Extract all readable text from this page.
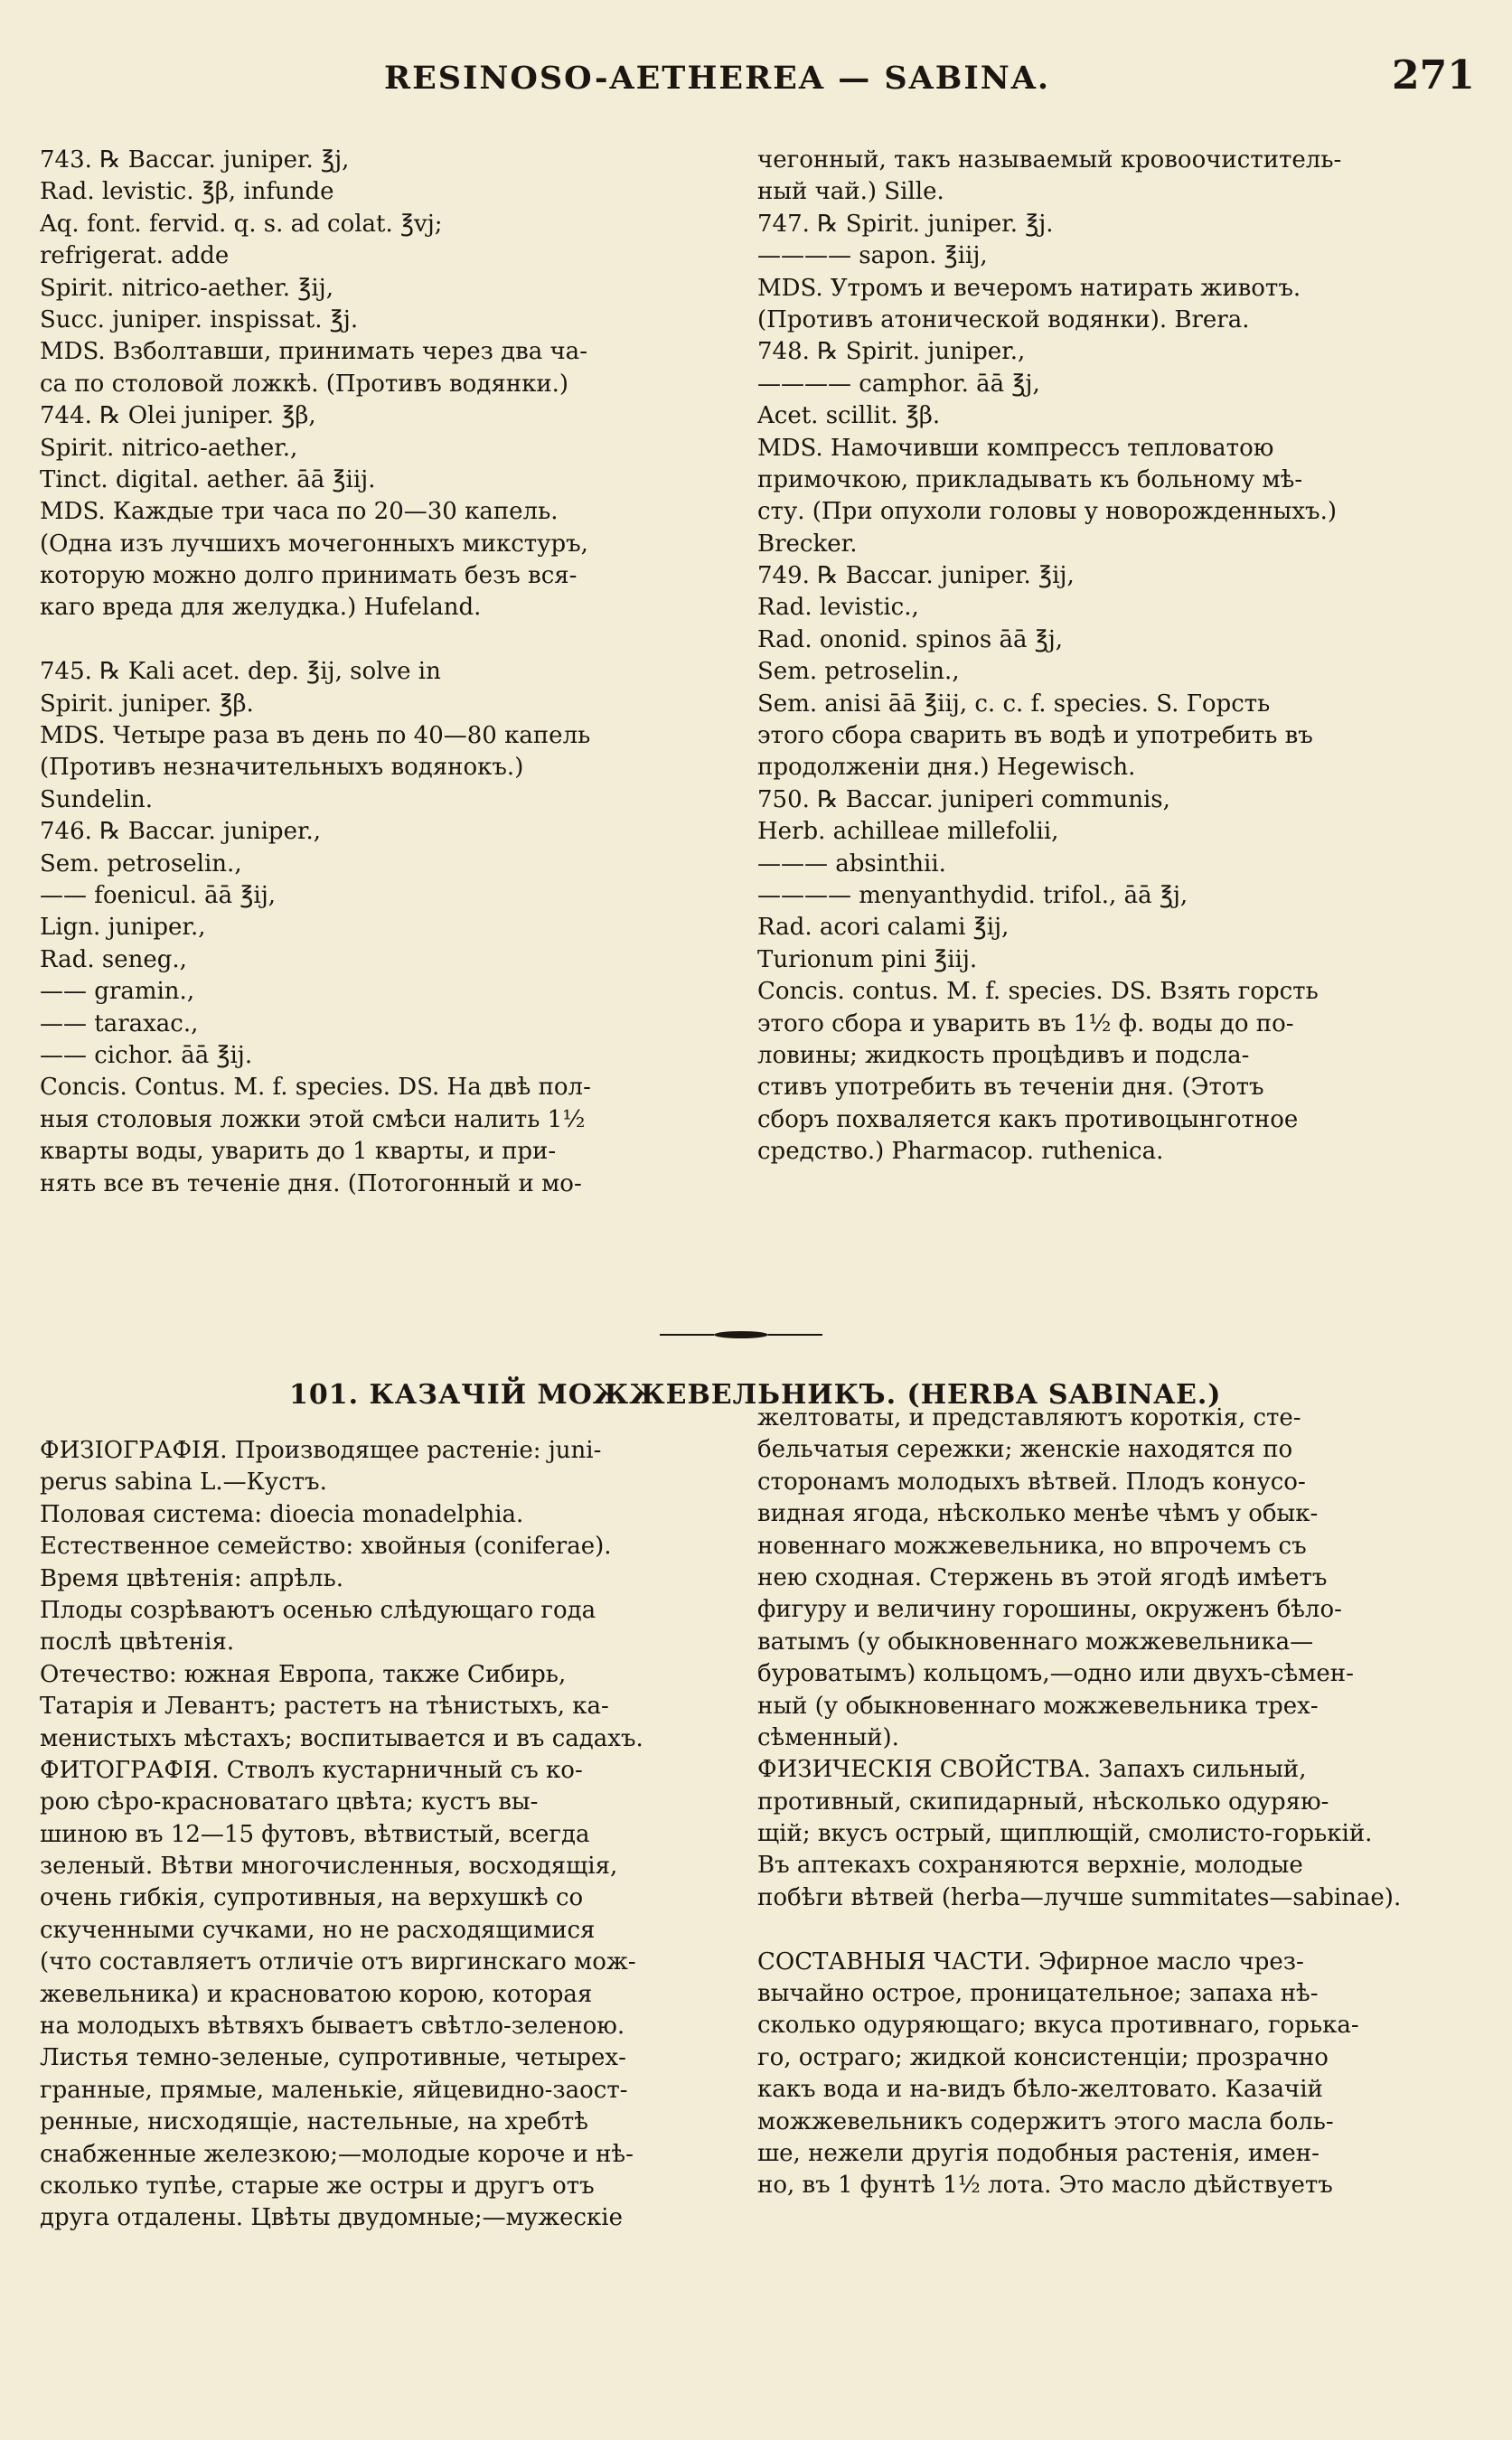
RESINOSO-AETHEREA — SABINA.	271
743. ℞ Baccar. juniper. ℥j,
Rad. levistic. ℥β, infunde
Aq. font. fervid. q. s. ad colat. ℥vj;
refrigerat. adde
Spirit. nitrico-aether. ℥ij,
Succ. juniper. inspissat. ℥j.
MDS. Взболтавши, принимать через два ча-
са по столовой ложкѣ. (Противъ водянки.)
744. ℞ Olei juniper. ℥β,
Spirit. nitrico-aether.,
Tinct. digital. aether. āā ℥iij.
MDS. Каждые три часа по 20—30 капель.
(Одна изъ лучшихъ мочегонныхъ микстуръ,
которую можно долго принимать безъ вся-
каго вреда для желудка.) Hufeland.
745. ℞ Kali acet. dep. ℥ij, solve in
Spirit. juniper. ℥β.
MDS. Четыре раза въ день по 40—80 капель
(Противъ незначительныхъ водянокъ.)
Sundelin.
746. ℞ Baccar. juniper.,
Sem. petroselin.,
—— foenicul. āā ℥ij,
Lign. juniper.,
Rad. seneg.,
—— gramin.,
—— taraxac.,
—— cichor. āā ℥ij.
Concis. Contus. M. f. species. DS. На двѣ пол-
ныя столовыя ложки этой смѣси налить 1½
кварты воды, уварить до 1 кварты, и при-
нять все въ теченіе дня. (Потогонный и мо-
чегонный, такъ называемый кровоочиститель-
ный чай.) Sille.
747. ℞ Spirit. juniper. ℥j.
———— sapon. ℥iij,
MDS. Утромъ и вечеромъ натирать животъ.
(Противъ атонической водянки). Brera.
748. ℞ Spirit. juniper.,
———— camphor. āā ℥j,
Acet. scillit. ℥β.
MDS. Намочивши компрессъ тепловатою
примочкою, прикладывать къ больному мѣ-
сту. (При опухоли головы у новорожденныхъ.)
Brecker.
749. ℞ Baccar. juniper. ℥ij,
Rad. levistic.,
Rad. ononid. spinos āā ℥j,
Sem. petroselin.,
Sem. anisi āā ℥iij, c. c. f. species. S. Горсть
этого сбора сварить въ водѣ и употребить въ
продолженіи дня.) Hegewisch.
750. ℞ Baccar. juniperi communis,
Herb. achilleae millefolii,
——— absinthii.
———— menyanthydid. trifol., āā ℥j,
Rad. acori calami ℥ij,
Turionum pini ℥iij.
Concis. contus. M. f. species. DS. Взять горсть
этого сбора и уварить въ 1½ ф. воды до по-
ловины; жидкость процѣдивъ и подсла-
стивъ употребить въ теченіи дня. (Этотъ
сборъ похваляется какъ противоцынготное
средство.) Pharmacop. ruthenica.
101. КАЗАЧІЙ МОЖЖЕВЕЛЬНИКЪ. (HERBA SABINAE.)
ФИЗІОГРАФІЯ. Производящее растеніе: juni-
perus sabina L.—Кустъ.
Половая система: dioecia monadelphia.
Естественное семейство: хвойныя (coniferae).
Время цвѣтенія: апрѣль.
Плоды созрѣваютъ осенью слѣдующаго года
послѣ цвѣтенія.
Отечество: южная Европа, также Сибирь,
Татарія и Левантъ; растетъ на тѣнистыхъ, ка-
менистыхъ мѣстахъ; воспитывается и въ садахъ.
ФИТОГРАФІЯ. Стволъ кустарничный съ ко-
рою сѣро-красноватаго цвѣта; кустъ вы-
шиною въ 12—15 футовъ, вѣтвистый, всегда
зеленый. Вѣтви многочисленныя, восходящія,
очень гибкія, супротивныя, на верхушкѣ со
скученными сучками, но не расходящимися
(что составляетъ отличіе отъ виргинскаго мож-
жевельника) и красноватою корою, которая
на молодыхъ вѣтвяхъ бываетъ свѣтло-зеленою.
Листья темно-зеленые, супротивные, четырех-
гранные, прямые, маленькіе, яйцевидно-заост-
ренные, нисходящіе, настельные, на хребтѣ
снабженные железкою;—молодые короче и нѣ-
сколько тупѣе, старые же остры и другъ отъ
друга отдалены. Цвѣты двудомные;—мужескіе
желтоваты, и представляютъ короткія, сте-
бельчатыя сережки; женскіе находятся по
сторонамъ молодыхъ вѣтвей. Плодъ конусо-
видная ягода, нѣсколько менѣе чѣмъ у обык-
новеннаго можжевельника, но впрочемъ съ
нею сходная. Стержень въ этой ягодѣ имѣетъ
фигуру и величину горошины, окруженъ бѣло-
ватымъ (у обыкновеннаго можжевельника—
буроватымъ) кольцомъ,—одно или двухъ-сѣмен-
ный (у обыкновеннаго можжевельника трех-
сѣменный).
ФИЗИЧЕСКІЯ СВОЙСТВА. Запахъ сильный,
противный, скипидарный, нѣсколько одуряю-
щій; вкусъ острый, щиплющій, смолисто-горькій.
Въ аптекахъ сохраняются верхніе, молодые
побѣги вѣтвей (herba—лучше summitates—sabinae).
СОСТАВНЫЯ ЧАСТИ. Эфирное масло чрез-
вычайно острое, проницательное; запаха нѣ-
сколько одуряющаго; вкуса противнаго, горька-
го, остраго; жидкой консистенціи; прозрачно
какъ вода и на-видъ бѣло-желтовато. Казачій
можжевельникъ содержитъ этого масла боль-
ше, нежели другія подобныя растенія, имен-
но, въ 1 фунтѣ 1½ лота. Это масло дѣйствуетъ
